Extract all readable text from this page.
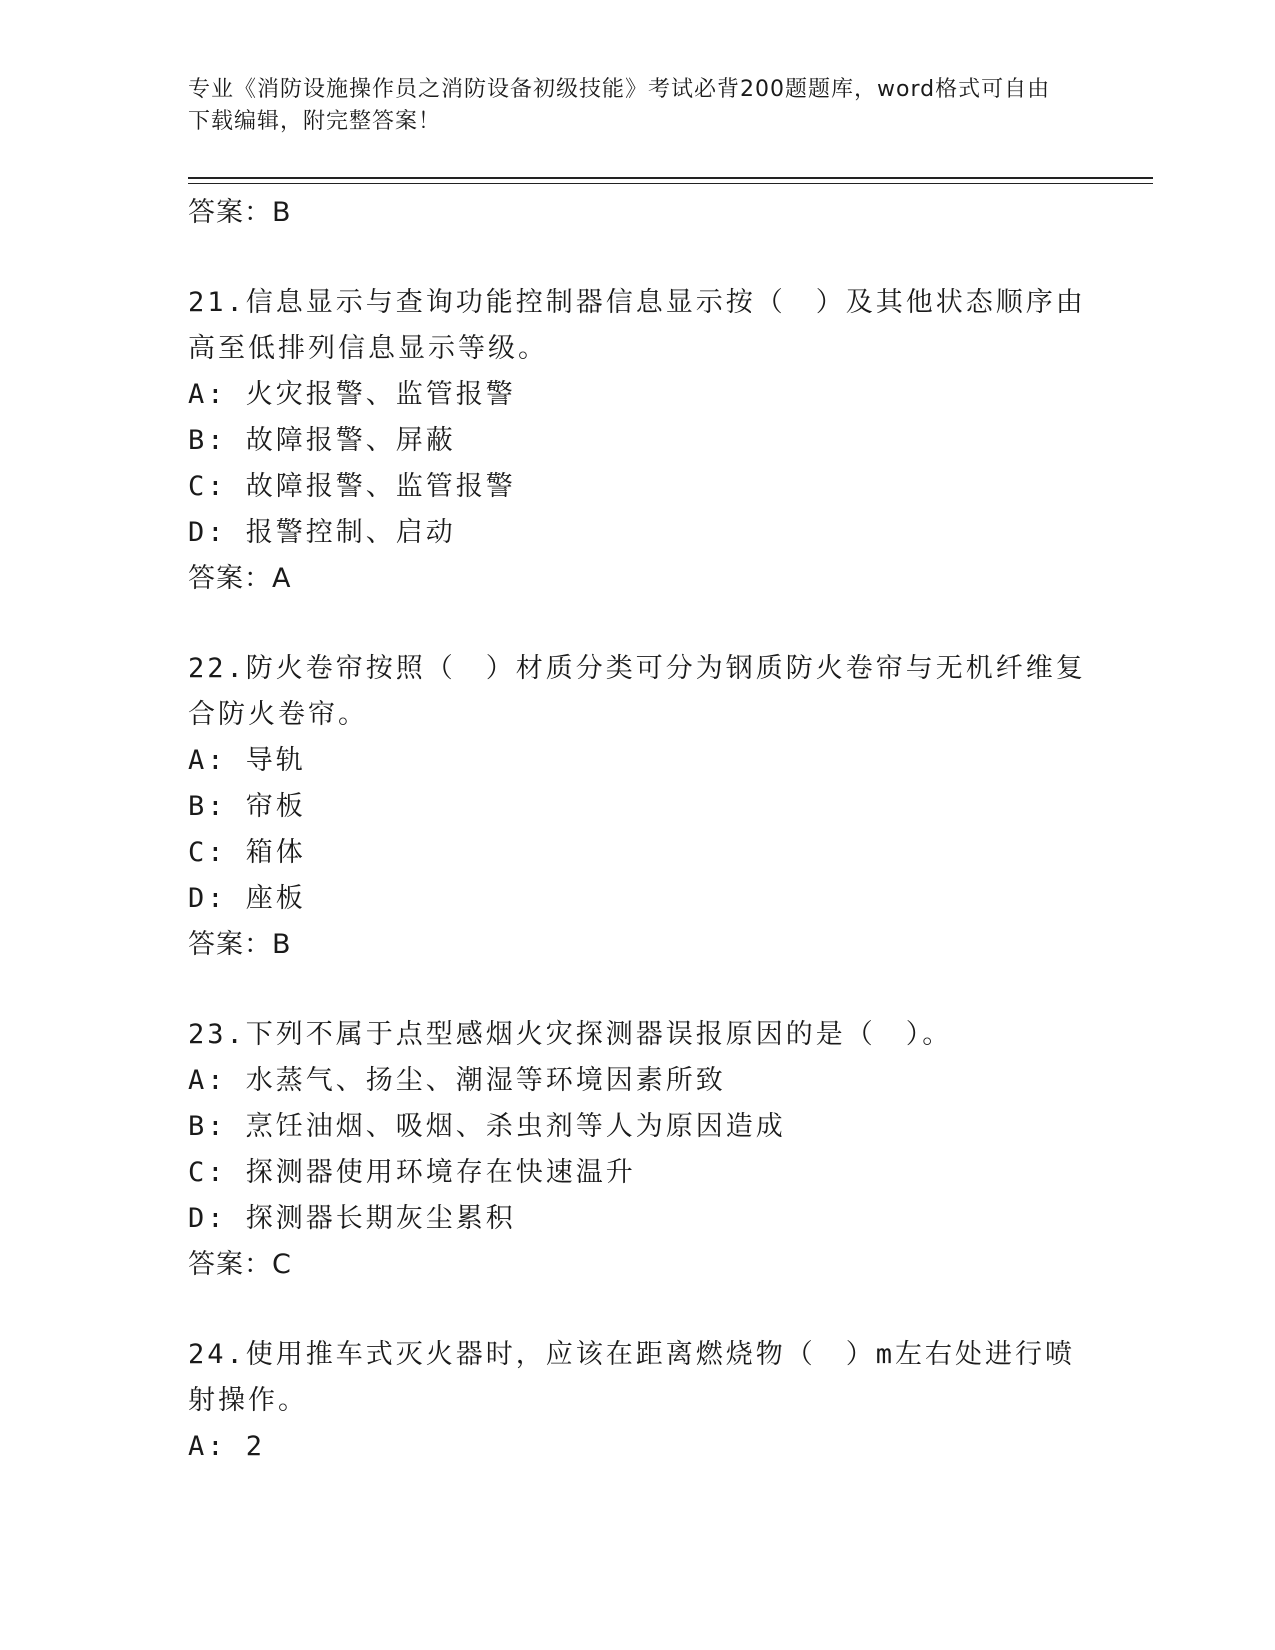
专业《消防设施操作员之消防设备初级技能》考试必背200题题库，word格式可自由下载编辑，附完整答案！
答案：B
21.信息显示与查询功能控制器信息显示按（　）及其他状态顺序由高至低排列信息显示等级。
A: 火灾报警、监管报警
B: 故障报警、屏蔽
C: 故障报警、监管报警
D: 报警控制、启动
答案：A
22.防火卷帘按照（　）材质分类可分为钢质防火卷帘与无机纤维复合防火卷帘。
A: 导轨
B: 帘板
C: 箱体
D: 座板
答案：B
23.下列不属于点型感烟火灾探测器误报原因的是（　）。
A: 水蒸气、扬尘、潮湿等环境因素所致
B: 烹饪油烟、吸烟、杀虫剂等人为原因造成
C: 探测器使用环境存在快速温升
D: 探测器长期灰尘累积
答案：C
24.使用推车式灭火器时，应该在距离燃烧物（　）m左右处进行喷射操作。
A: 2
